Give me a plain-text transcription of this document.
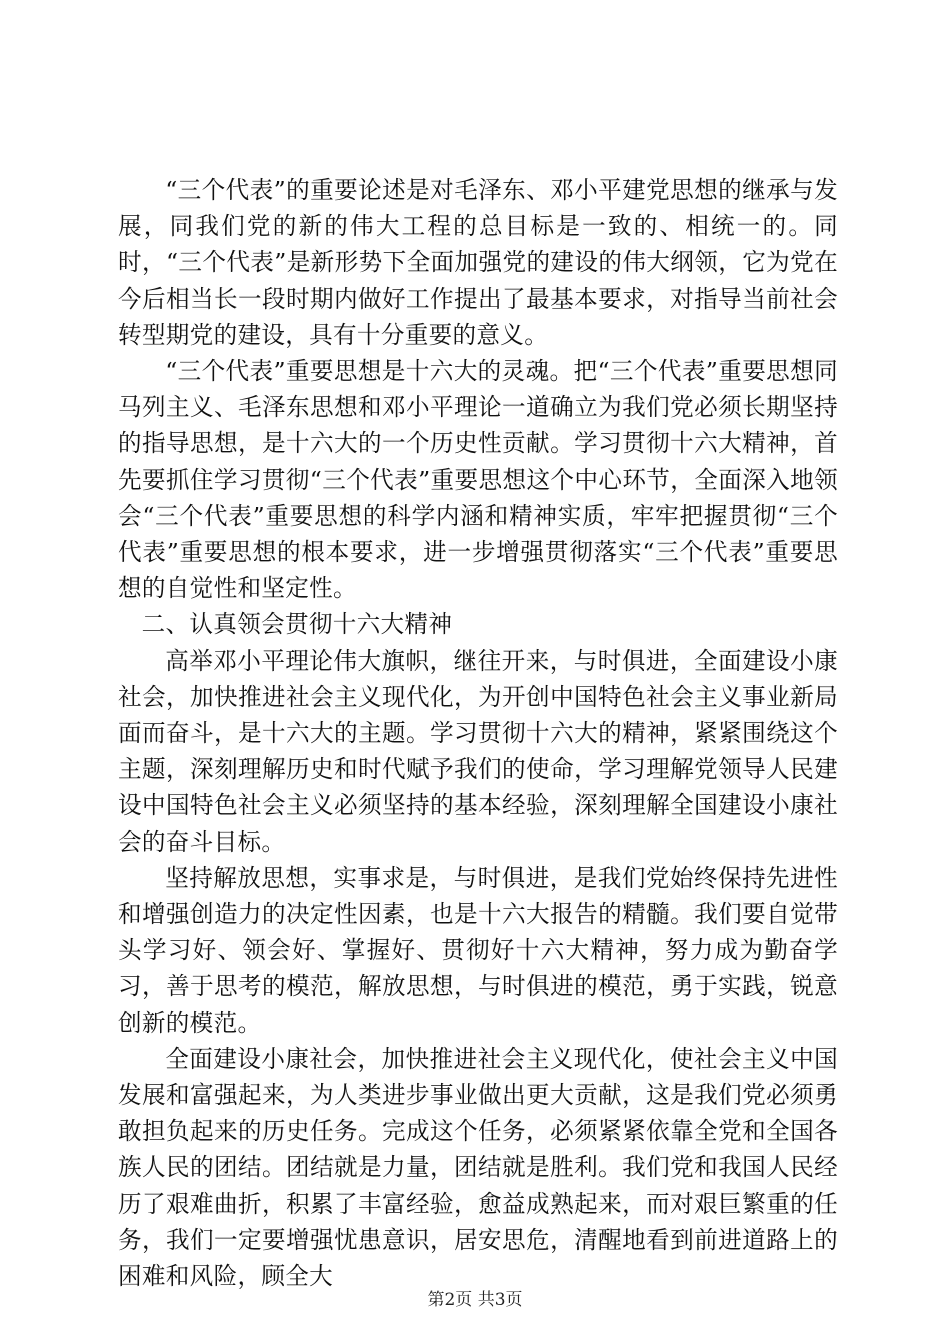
“三个代表”的重要论述是对毛泽东、邓小平建党思想的继承与发展，同我们党的新的伟大工程的总目标是一致的、相统一的。同时，“三个代表”是新形势下全面加强党的建设的伟大纲领，它为党在今后相当长一段时期内做好工作提出了最基本要求，对指导当前社会转型期党的建设，具有十分重要的意义。

“三个代表”重要思想是十六大的灵魂。把“三个代表”重要思想同马列主义、毛泽东思想和邓小平理论一道确立为我们党必须长期坚持的指导思想，是十六大的一个历史性贡献。学习贯彻十六大精神，首先要抓住学习贯彻“三个代表”重要思想这个中心环节，全面深入地领会“三个代表”重要思想的科学内涵和精神实质，牢牢把握贯彻“三个代表”重要思想的根本要求，进一步增强贯彻落实“三个代表”重要思想的自觉性和坚定性。

二、认真领会贯彻十六大精神

高举邓小平理论伟大旗帜，继往开来，与时俱进，全面建设小康社会，加快推进社会主义现代化，为开创中国特色社会主义事业新局面而奋斗，是十六大的主题。学习贯彻十六大的精神，紧紧围绕这个主题，深刻理解历史和时代赋予我们的使命，学习理解党领导人民建设中国特色社会主义必须坚持的基本经验，深刻理解全国建设小康社会的奋斗目标。

坚持解放思想，实事求是，与时俱进，是我们党始终保持先进性和增强创造力的决定性因素，也是十六大报告的精髓。我们要自觉带头学习好、领会好、掌握好、贯彻好十六大精神，努力成为勤奋学习，善于思考的模范，解放思想，与时俱进的模范，勇于实践，锐意创新的模范。

全面建设小康社会，加快推进社会主义现代化，使社会主义中国发展和富强起来，为人类进步事业做出更大贡献，这是我们党必须勇敢担负起来的历史任务。完成这个任务，必须紧紧依靠全党和全国各族人民的团结。团结就是力量，团结就是胜利。我们党和我国人民经历了艰难曲折，积累了丰富经验，愈益成熟起来，而对艰巨繁重的任务，我们一定要增强忧患意识，居安思危，清醒地看到前进道路上的困难和风险，顾全大

第2页 共3页
